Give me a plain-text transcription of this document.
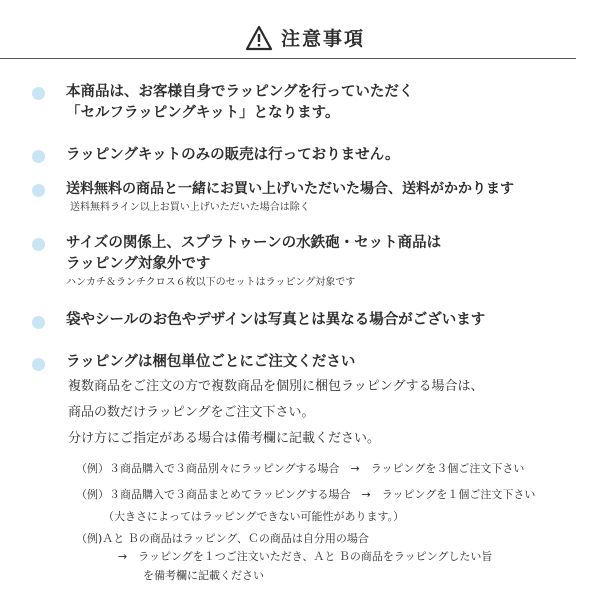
注意事項
本商品は、お客様自身でラッピングを行っていただく
「セルフラッピングキット」となります。
ラッピングキットのみの販売は行っておりません。
送料無料の商品と一緒にお買い上げいただいた場合、送料がかかります
送料無料ライン以上お買い上げいただいた場合は除く
サイズの関係上、スプラトゥーンの水鉄砲・セット商品は
ラッピング対象外です
ハンカチ＆ランチクロス６枚以下のセットはラッピング対象です
袋やシールのお色やデザインは写真とは異なる場合がございます
ラッピングは梱包単位ごとにご注文ください
複数商品をご注文の方で複数商品を個別に梱包ラッピングする場合は、
商品の数だけラッピングをご注文下さい。
分け方にご指定がある場合は備考欄に記載ください。
（例）３商品購入で３商品別々にラッピングする場合　→　ラッピングを３個ご注文下さい
（例）３商品購入で３商品まとめてラッピングする場合　→　ラッピングを１個ご注文下さい
（大きさによってはラッピングできない可能性があります。）
（例)Ａと Ｂの商品はラッピング、Ｃの商品は自分用の場合
→　ラッピングを１つご注文いただき、Ａと Ｂの商品をラッピングしたい旨
を備考欄に記載ください
